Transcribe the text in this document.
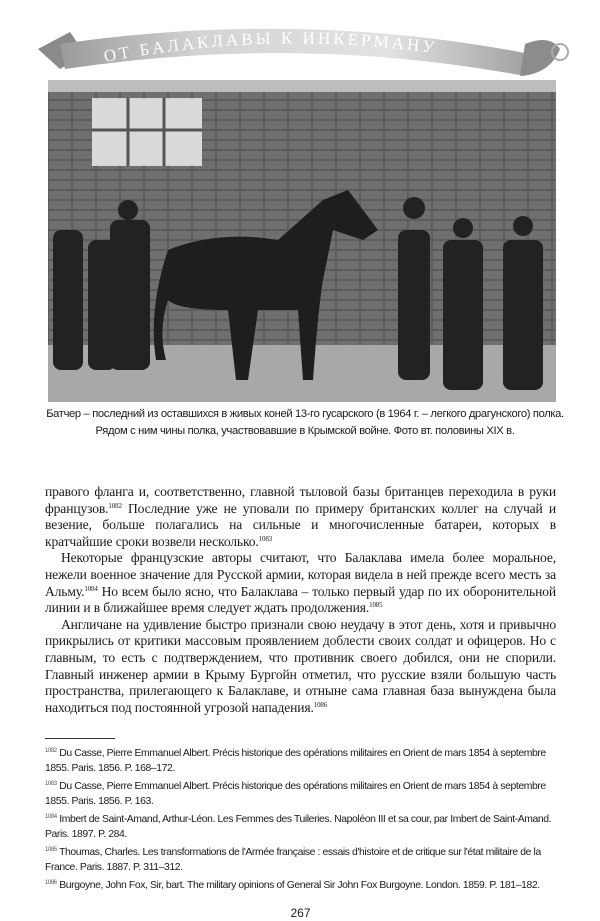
ОТ БАЛАКЛАВЫ К ИНКЕРМАНУ
Батчер – последний из оставшихся в живых коней 13-го гусарского (в 1964 г. – легкого драгунского) полка.
Рядом с ним чины полка, участвовавшие в Крымской войне. Фото вт. половины XIX в.

правого фланга и, соответственно, главной тыловой базы британцев переходила в руки французов.$^{1082}$ Последние уже не уповали по примеру британских коллег на случай и везение, больше полагались на сильные и многочисленные батареи, которых в кратчайшие сроки возвели несколько.$^{1083}$

Некоторые французские авторы считают, что Балаклава имела более моральное, нежели военное значение для Русской армии, которая видела в ней прежде всего месть за Альму.$^{1084}$ Но всем было ясно, что Балаклава – только первый удар по их оборонительной линии и в ближайшее время следует ждать продолжения.$^{1085}$

Англичане на удивление быстро признали свою неудачу в этот день, хотя и привычно прикрылись от критики массовым проявлением доблести своих солдат и офицеров. Но с главным, то есть с подтверждением, что противник своего добился, они не спорили. Главный инженер армии в Крыму Бургойн отметил, что русские взяли большую часть пространства, прилегающего к Балаклаве, и отныне сама главная база вынуждена была находиться под постоянной угрозой нападения.$^{1086}$

$^{1082}$ Du Casse, Pierre Emmanuel Albert. Précis historique des opérations militaires en Orient de mars 1854 à septembre 1855. Paris. 1856. P. 168–172.
$^{1083}$ Du Casse, Pierre Emmanuel Albert. Précis historique des opérations militaires en Orient de mars 1854 à septembre 1855. Paris. 1856. P. 163.
$^{1084}$ Imbert de Saint-Amand, Arthur-Léon. Les Femmes des Tuileries. Napoléon III et sa cour, par Imbert de Saint-Amand. Paris. 1897. P. 284.
$^{1085}$ Thoumas, Charles. Les transformations de l'Armée française : essais d'histoire et de critique sur l'état militaire de la France. Paris. 1887. P. 311–312.
$^{1086}$ Burgoyne, John Fox, Sir, bart. The military opinions of General Sir John Fox Burgoyne. London. 1859. P. 181–182.
267
